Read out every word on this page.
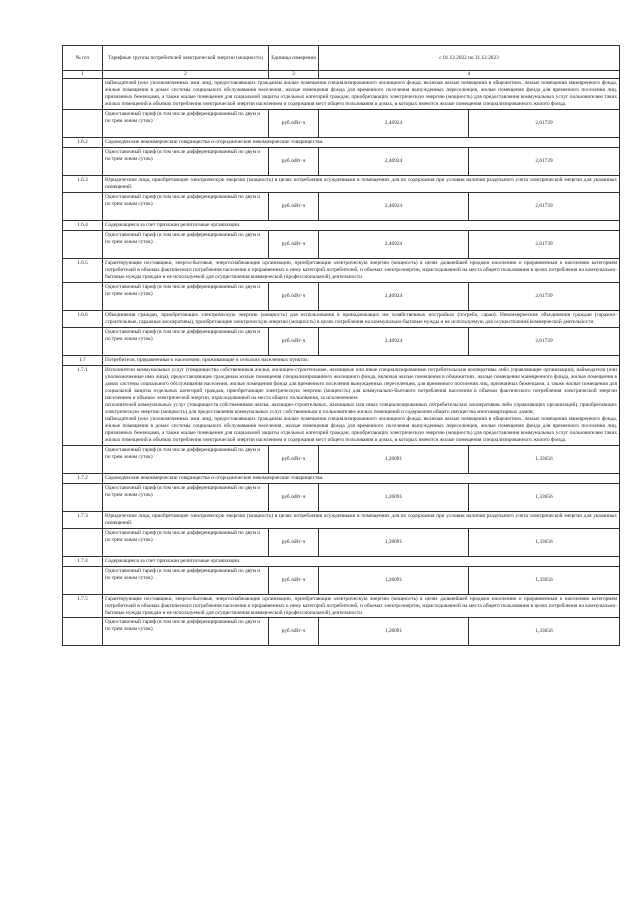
№ п/п	Тарифные группы потребителей электрической энергии (мощности)	Единица измерения	с 01.12.2022 по 31.12.2023	
1	2	3	4	
	наймодателей (или уполномоченных ими лиц), предоставляющих гражданам жилые помещения специализированного жилищного фонда, включая жилые помещения в общежитиях, жилые помещения маневренного фонда, жилые помещения в домах системы социального обслуживания населения, жилые помещения фонда для временного поселения вынужденных переселенцев, жилые помещения фонда для временного поселения лиц, признанных беженцами, а также жилые помещения для социальной защиты отдельных категорий граждан, приобретающих электрическую энергию (мощность) для предоставления коммунальных услуг пользователям таких жилых помещений в объемах потребления электрической энергии населением и содержания мест общего пользования в домах, в которых имеются жилые помещения специализированного жилого фонда.			
	Одноставочный тариф (в том числе дифференцированный по двум и по трем зонам суток)	руб./кВт·ч	2,46924	2,61739
1.6.2	Садоводческие некоммерческие товарищества и огороднические некоммерческие товарищества.			
	Одноставочный тариф (в том числе дифференцированный по двум и по трем зонам суток)	руб./кВт·ч	2,46924	2,61739
1.6.3	Юридические лица, приобретающие электрическую энергию (мощность) в целях потребления осужденными в помещениях для их содержания при условии наличия раздельного учета электрической энергии для указанных помещений.			
	Одноставочный тариф (в том числе дифференцированный по двум и по трем зонам суток)	руб./кВт·ч	2,46924	2,61739
1.6.4	Содержащиеся за счет прихожан религиозные организации.			
	Одноставочный тариф (в том числе дифференцированный по двум и по трем зонам суток)	руб./кВт·ч	2,46924	2,61739
1.6.5	Гарантирующие поставщики, энергосбытовые, энергоснабжающие организации, приобретающие электрическую энергию (мощность) в целях дальнейшей продажи населению и приравненным к населению категориям потребителей в объемах фактического потребления населения и приравненных к нему категорий потребителей, и объемах электроэнергии, израсходованной на места общего пользования в целях потребления на коммунально-бытовые нужды граждан и не используемой для осуществления коммерческой (профессиональной) деятельности.			
	Одноставочный тариф (в том числе дифференцированный по двум и по трем зонам суток)	руб./кВт·ч	2,46924	2,61739
1.6.6	Объединения граждан, приобретающих электрическую энергию (мощность) для использования в принадлежащих им хозяйственных постройках (погреба, сараи). Некоммерческие объединения граждан (гаражно-строительные, гаражные кооперативы), приобретающие электрическую энергию (мощность) в целях потребления на коммунально-бытовые нужды и не используемую для осуществления коммерческой деятельности.			
	Одноставочный тариф (в том числе дифференцированный по двум и по трем зонам суток)	руб./кВт·ч	2,46924	2,61739
1.7	Потребители, приравненные к населению, проживающие в сельских населенных пунктах:			
1.7.1	Исполнители коммунальных услуг (товарищества собственников жилья, жилищно-строительные, жилищные или иные специализированные потребительские кооперативы либо управляющие организации), наймодатели (или уполномоченные ими лица), предоставляющие гражданам жилые помещения специализированного жилищного фонда, включая жилые помещения в общежитиях, жилые помещения маневренного фонда, жилые помещения в домах системы социального обслуживания населения, жилые помещения фонда для временного поселения вынужденных переселенцев, для временного поселения лиц, признанных беженцами, а также жилые помещения для социальной защиты отдельных категорий граждан, приобретающие электрическую энергию (мощность) для коммунально-бытового потребления населения в объемах фактического потребления электрической энергии населением и объемах электрической энергии, израсходованной на места общего пользования, за исключением:
исполнителей коммунальных услуг (товариществ собственников жилья, жилищно-строительных, жилищных или иных специализированных потребительских кооперативов либо управляющих организаций), приобретающих электрическую энергию (мощность) для предоставления коммунальных услуг собственникам и пользователям жилых помещений и содержания общего имущества многоквартирных домов;
наймодателей (или уполномоченных ими лиц), предоставляющих гражданам жилые помещения специализированного жилищного фонда, включая жилые помещения в общежитиях, жилые помещения маневренного фонда, жилые помещения в домах системы социального обслуживания населения, жилые помещения фонда для временного поселения вынужденных переселенцев, жилые помещения фонда для временного поселения лиц, признанных беженцами, а также жилые помещения для социальной защиты отдельных категорий граждан, приобретающих электрическую энергию (мощность) для предоставления коммунальных услуг пользователям таких жилых помещений в объемах потребления электрической энергии населением и содержания мест общего пользования в домах, в которых имеются жилые помещения специализированного жилого фонда.			

	Одноставочный тариф (в том числе дифференцированный по двум и по трем зонам суток)	руб./кВт·ч	1,26091	1,33656
1.7.2	Садоводческие некоммерческие товарищества и огороднические некоммерческие товарищества.			
	Одноставочный тариф (в том числе дифференцированный по двум и по трем зонам суток)	руб./кВт·ч	1,26091	1,33656
1.7.3	Юридические лица, приобретающие электрическую энергию (мощность) в целях потребления осужденными в помещениях для их содержания при условии наличия раздельного учета электрической энергии для указанных помещений.			
	Одноставочный тариф (в том числе дифференцированный по двум и по трем зонам суток)	руб./кВт·ч	1,26091	1,33656
1.7.4	Содержащиеся за счет прихожан религиозные организации.			
	Одноставочный тариф (в том числе дифференцированный по двум и по трем зонам суток)	руб./кВт·ч	1,26091	1,33656
1.7.5	Гарантирующие поставщики, энергосбытовые, энергоснабжающие организации, приобретающие электрическую энергию (мощность) в целях дальнейшей продажи населению и приравненным к населению категориям потребителей в объемах фактического потребления населения и приравненных к нему категорий потребителей, и объемах электроэнергии, израсходованной на места общего пользования в целях потребления на коммунально-бытовые нужды граждан и не используемой для осуществления коммерческой (профессиональной) деятельности.			
	Одноставочный тариф (в том числе дифференцированный по двум и по трем зонам суток)	руб./кВт·ч	1,26091	1,33656
